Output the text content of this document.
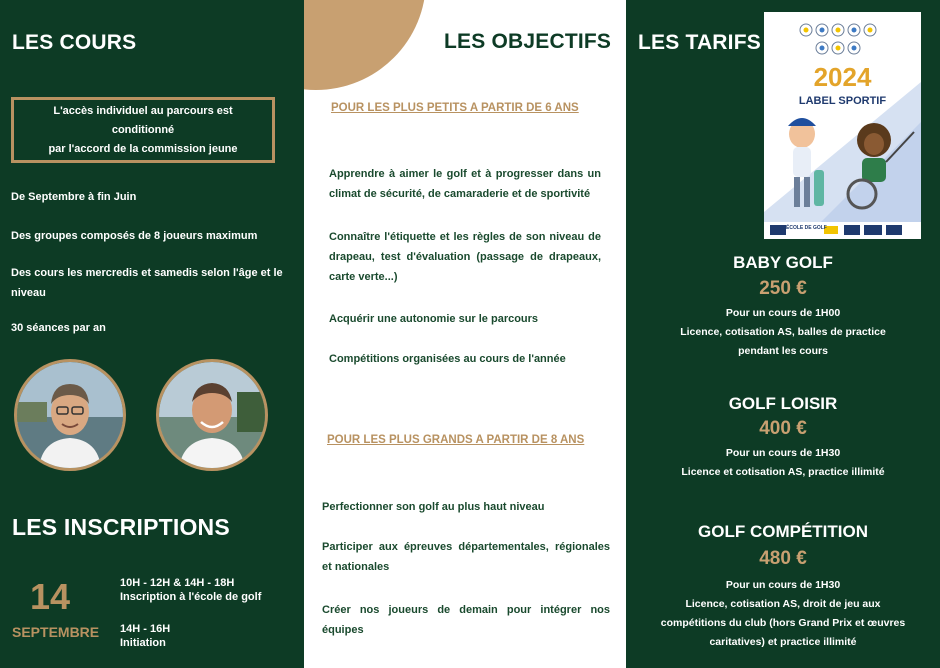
LES COURS
L'accès individuel au parcours est conditionné
par l'accord de la commission jeune
De Septembre à fin Juin
Des groupes composés de 8 joueurs maximum
Des cours les mercredis et samedis selon l'âge et le niveau
30 séances par an
LES INSCRIPTIONS
14
SEPTEMBRE
10H - 12H & 14H - 18H
Inscription à l'école de golf
14H - 16H
Initiation
LES OBJECTIFS
POUR LES PLUS PETITS A PARTIR DE 6 ANS
Apprendre à aimer le golf et à progresser dans un climat de sécurité, de camaraderie et de sportivité
Connaître l'étiquette et les règles de son niveau de drapeau, test d'évaluation (passage de drapeaux, carte verte...)
Acquérir une autonomie sur le parcours
Compétitions organisées au cours de l'année
POUR LES PLUS GRANDS A PARTIR DE 8 ANS
Perfectionner son golf au plus haut niveau
Participer aux épreuves départementales, régionales et nationales
Créer nos joueurs de demain pour intégrer nos équipes
LES TARIFS
2024
LABEL SPORTIF
ÉCOLE DE GOLF
BABY GOLF
250 €
Pour un cours de 1H00
Licence, cotisation AS, balles de practice
pendant les cours
GOLF LOISIR
400 €
Pour un cours de 1H30
Licence et cotisation AS, practice illimité
GOLF COMPÉTITION
480 €
Pour un cours de 1H30
Licence, cotisation AS, droit de jeu aux
compétitions du club (hors Grand Prix et œuvres
caritatives) et practice illimité
